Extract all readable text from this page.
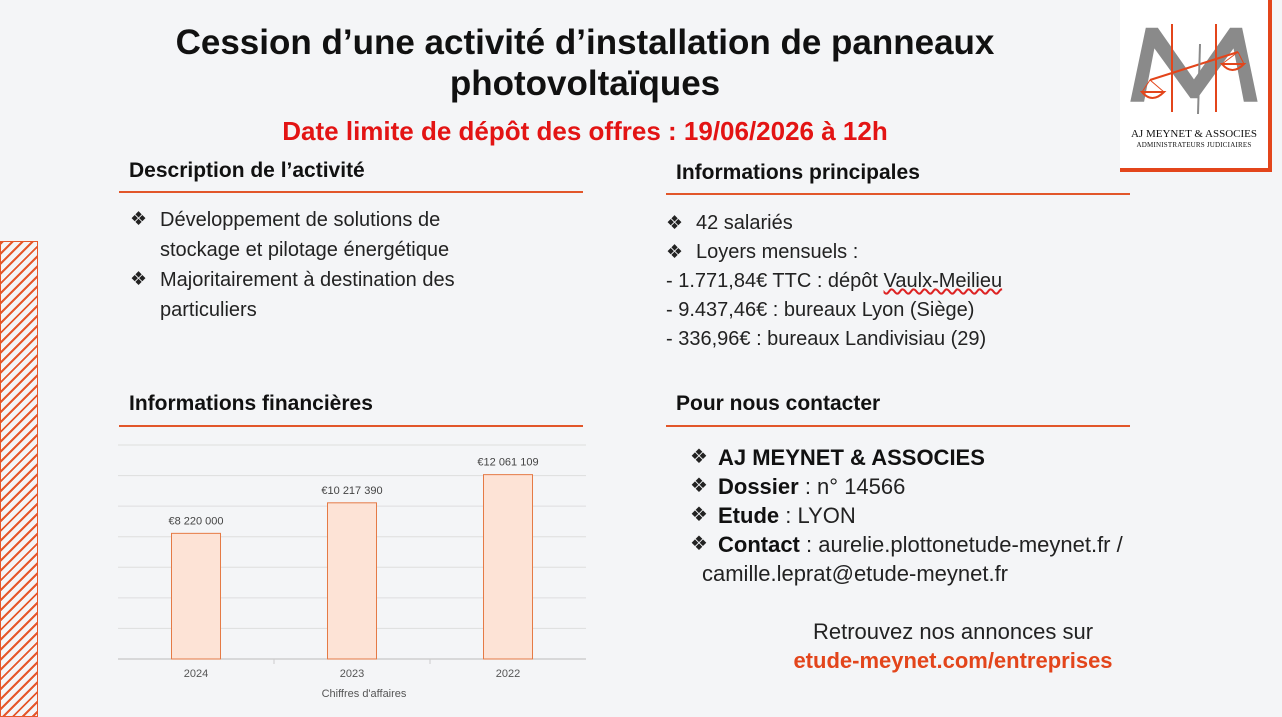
AJ MEYNET & ASSOCIES
ADMINISTRATEURS JUDICIAIRES
Cession d’une activité d’installation de panneaux
photovoltaïques
Date limite de dépôt des offres : 19/06/2026 à 12h
Description de l’activité
❖ Développement de solutions de
stockage et pilotage énergétique
❖ Majoritairement à destination des
particuliers
Informations principales
❖ 42 salariés
❖ Loyers mensuels :
- 1.771,84€ TTC : dépôt Vaulx-Meilieu
- 9.437,46€ : bureaux Lyon (Siège)
- 336,96€ : bureaux Landivisiau (29)
Informations financières
€8 220 000
€10 217 390
€12 061 109
2024	2023	2022
Chiffres d'affaires
Pour nous contacter
❖ AJ MEYNET & ASSOCIES
❖ Dossier : n° 14566
❖ Etude : LYON
❖ Contact : aurelie.plottonetude-meynet.fr /
camille.leprat@etude-meynet.fr
Retrouvez nos annonces sur
etude-meynet.com/entreprises
